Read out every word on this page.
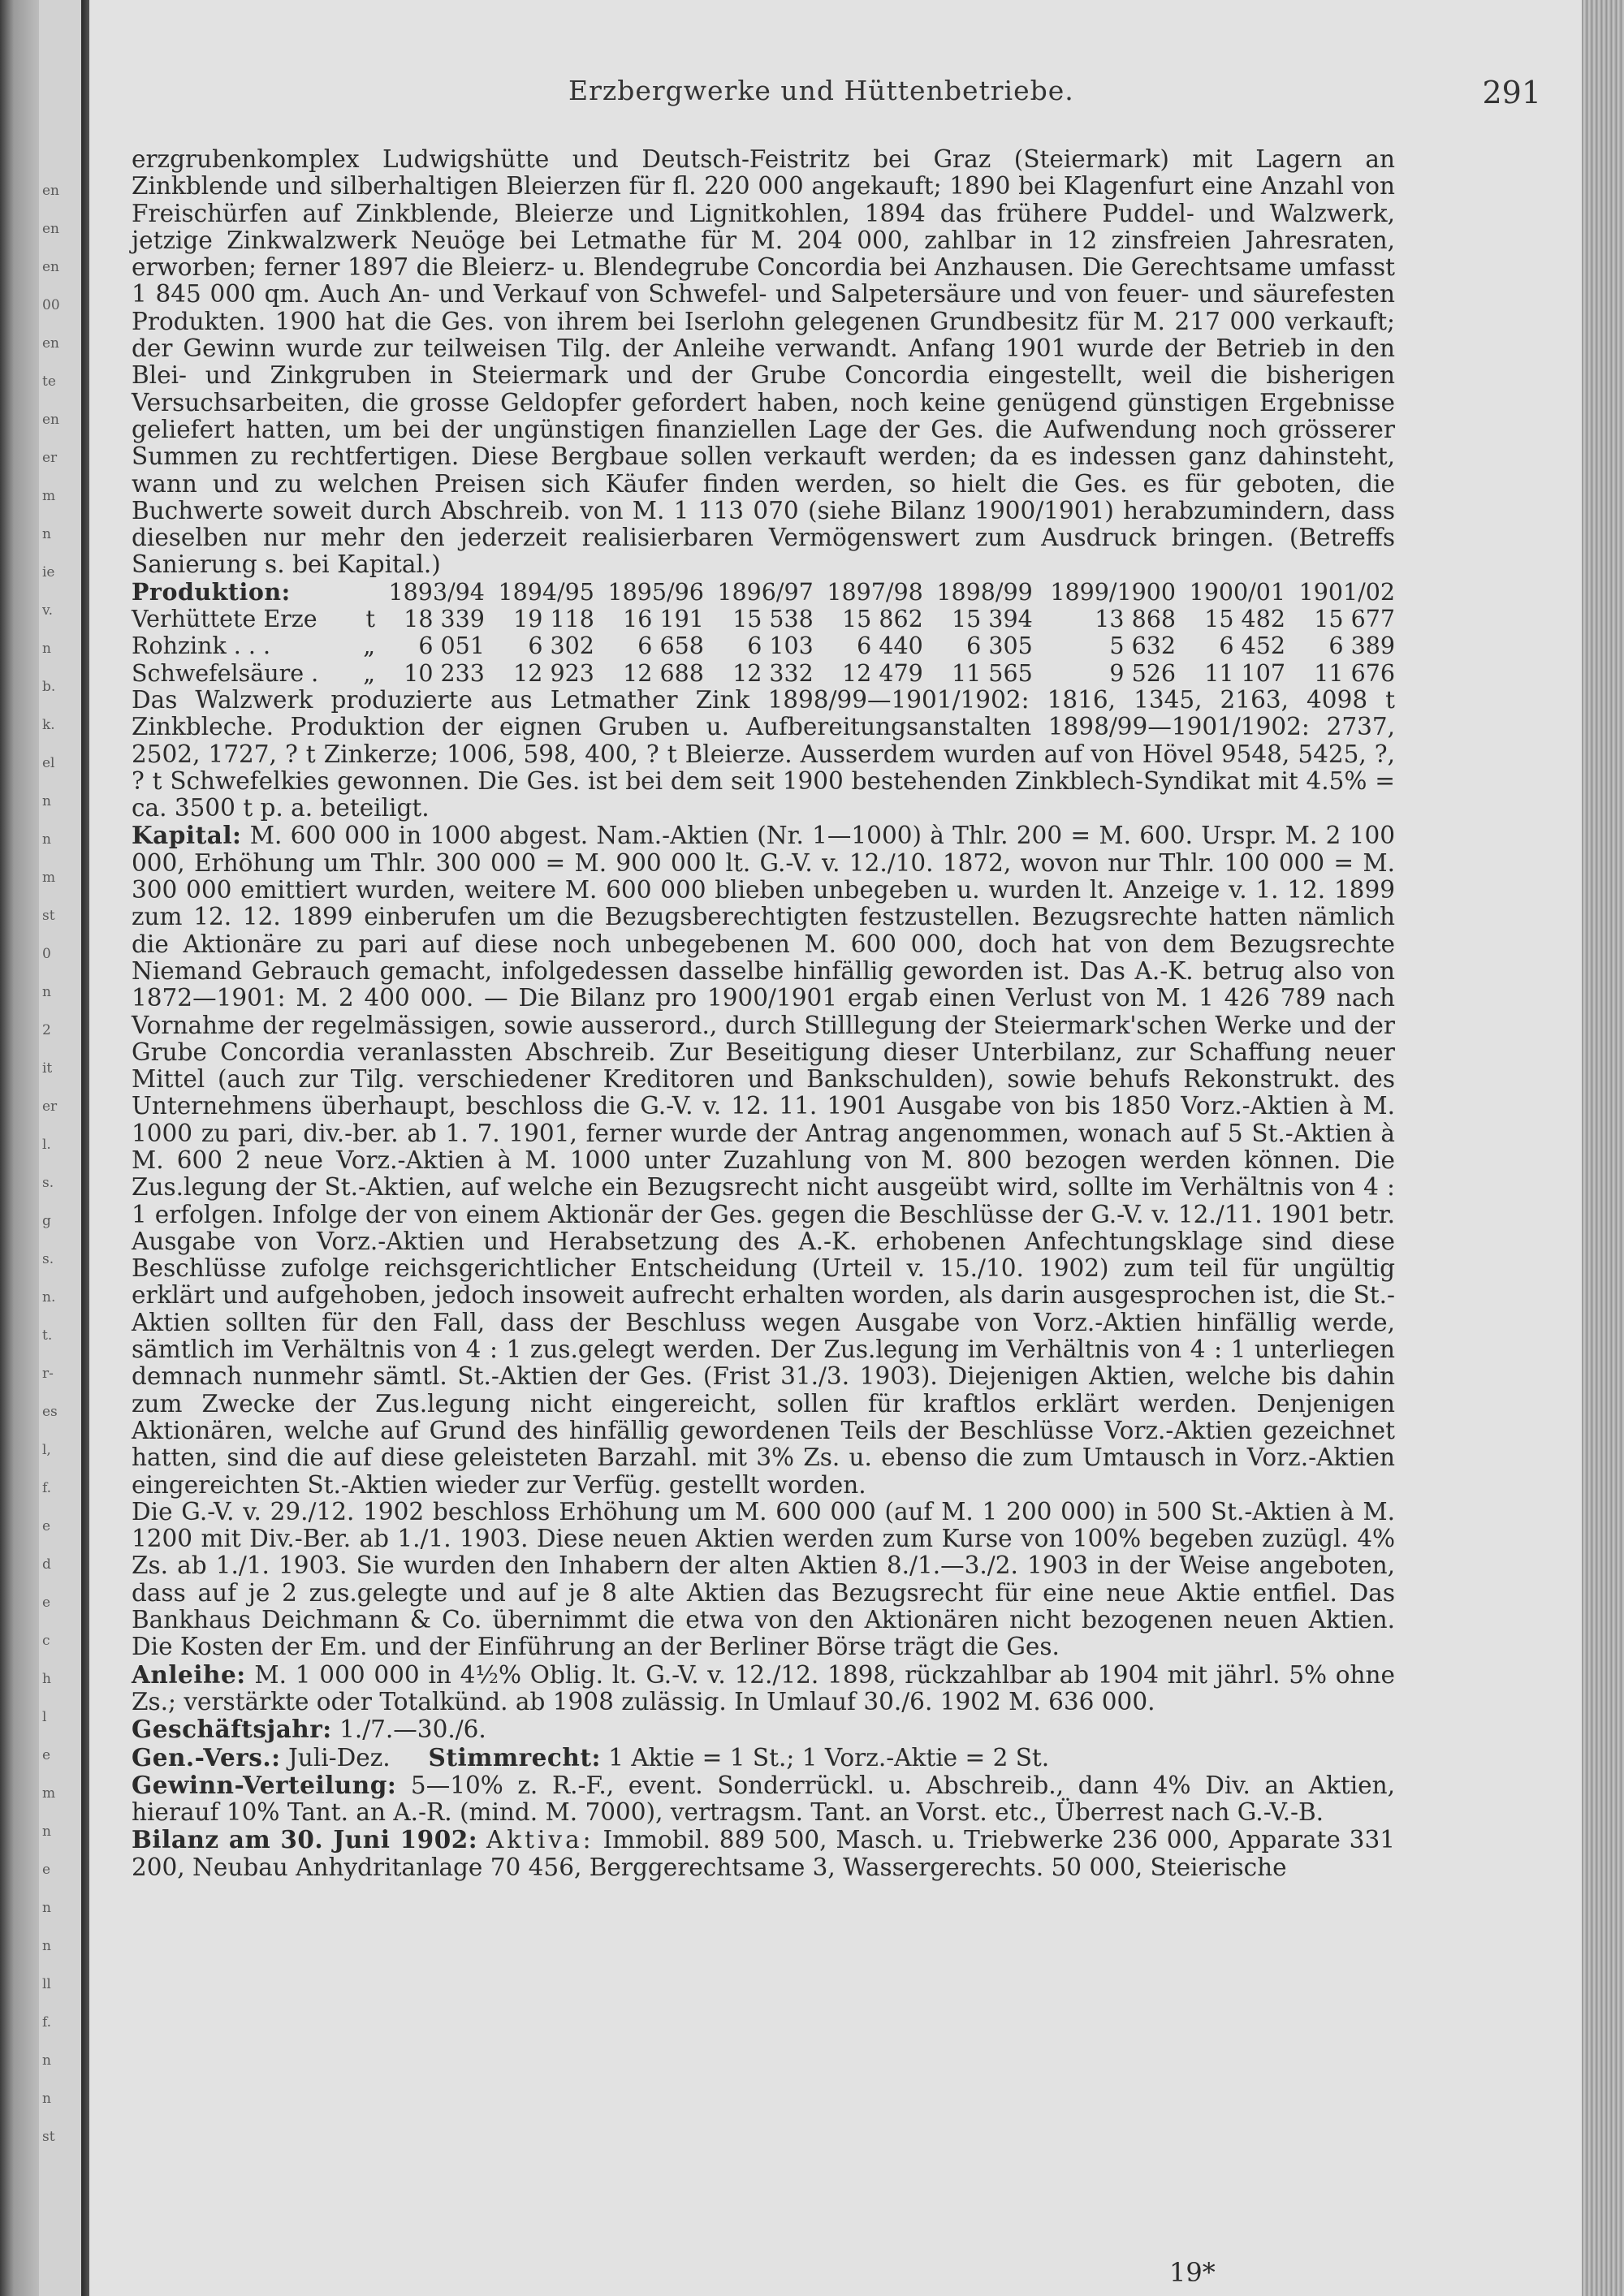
en
en
en
00
en
te
en
er
m
n
ie
v.
n
b.
k.
el
n
n
m
st
0
n
2
it
er
l.
s.
g
s.
n.
t.
r-
es
l,
f.
e
d
e
c
h
l
e
m
n
e
n
n
ll
f.
n
n
st
Erzbergwerke und Hüttenbetriebe.	291

erzgrubenkomplex Ludwigshütte und Deutsch-Feistritz bei Graz (Steiermark) mit Lagern an Zinkblende und silberhaltigen Bleierzen für fl. 220 000 angekauft; 1890 bei Klagenfurt eine Anzahl von Freischürfen auf Zinkblende, Bleierze und Lignitkohlen, 1894 das frühere Puddel- und Walzwerk, jetzige Zinkwalzwerk Neuöge bei Letmathe für M. 204 000, zahlbar in 12 zinsfreien Jahresraten, erworben; ferner 1897 die Bleierz- u. Blendegrube Concordia bei Anzhausen. Die Gerechtsame umfasst 1 845 000 qm. Auch An- und Verkauf von Schwefel- und Salpetersäure und von feuer- und säurefesten Produkten. 1900 hat die Ges. von ihrem bei Iserlohn gelegenen Grundbesitz für M. 217 000 verkauft; der Gewinn wurde zur teilweisen Tilg. der Anleihe verwandt. Anfang 1901 wurde der Betrieb in den Blei- und Zinkgruben in Steiermark und der Grube Concordia eingestellt, weil die bisherigen Versuchsarbeiten, die grosse Geldopfer gefordert haben, noch keine genügend günstigen Ergebnisse geliefert hatten, um bei der ungünstigen finanziellen Lage der Ges. die Aufwendung noch grösserer Summen zu rechtfertigen. Diese Bergbaue sollen verkauft werden; da es indessen ganz dahinsteht, wann und zu welchen Preisen sich Käufer finden werden, so hielt die Ges. es für geboten, die Buchwerte soweit durch Abschreib. von M. 1 113 070 (siehe Bilanz 1900/1901) herabzumindern, dass dieselben nur mehr den jederzeit realisierbaren Vermögenswert zum Ausdruck bringen. (Betreffs Sanierung s. bei Kapital.)

Produktion:		1893/94	1894/95	1895/96	1896/97	1897/98	1898/99	1899/1900	1900/01	1901/02
Verhüttete Erze	t	18 339	19 118	16 191	15 538	15 862	15 394	13 868	15 482	15 677
Rohzink . . .	„	6 051	6 302	6 658	6 103	6 440	6 305	5 632	6 452	6 389
Schwefelsäure .	„	10 233	12 923	12 688	12 332	12 479	11 565	9 526	11 107	11 676

Das Walzwerk produzierte aus Letmather Zink 1898/99—1901/1902: 1816, 1345, 2163, 4098 t Zinkbleche. Produktion der eignen Gruben u. Aufbereitungsanstalten 1898/99—1901/1902: 2737, 2502, 1727, ? t Zinkerze; 1006, 598, 400, ? t Bleierze. Ausserdem wurden auf von Hövel 9548, 5425, ?, ? t Schwefelkies gewonnen. Die Ges. ist bei dem seit 1900 bestehenden Zinkblech-Syndikat mit 4.5% = ca. 3500 t p. a. beteiligt.

Kapital: M. 600 000 in 1000 abgest. Nam.-Aktien (Nr. 1—1000) à Thlr. 200 = M. 600. Urspr. M. 2 100 000, Erhöhung um Thlr. 300 000 = M. 900 000 lt. G.-V. v. 12./10. 1872, wovon nur Thlr. 100 000 = M. 300 000 emittiert wurden, weitere M. 600 000 blieben unbegeben u. wurden lt. Anzeige v. 1. 12. 1899 zum 12. 12. 1899 einberufen um die Bezugsberechtigten festzustellen. Bezugsrechte hatten nämlich die Aktionäre zu pari auf diese noch unbegebenen M. 600 000, doch hat von dem Bezugsrechte Niemand Gebrauch gemacht, infolgedessen dasselbe hinfällig geworden ist. Das A.-K. betrug also von 1872—1901: M. 2 400 000. — Die Bilanz pro 1900/1901 ergab einen Verlust von M. 1 426 789 nach Vornahme der regelmässigen, sowie ausserord., durch Stilllegung der Steiermark'schen Werke und der Grube Concordia veranlassten Abschreib. Zur Beseitigung dieser Unterbilanz, zur Schaffung neuer Mittel (auch zur Tilg. verschiedener Kreditoren und Bankschulden), sowie behufs Rekonstrukt. des Unternehmens überhaupt, beschloss die G.-V. v. 12. 11. 1901 Ausgabe von bis 1850 Vorz.-Aktien à M. 1000 zu pari, div.-ber. ab 1. 7. 1901, ferner wurde der Antrag angenommen, wonach auf 5 St.-Aktien à M. 600 2 neue Vorz.-Aktien à M. 1000 unter Zuzahlung von M. 800 bezogen werden können. Die Zus.legung der St.-Aktien, auf welche ein Bezugsrecht nicht ausgeübt wird, sollte im Verhältnis von 4 : 1 erfolgen. Infolge der von einem Aktionär der Ges. gegen die Beschlüsse der G.-V. v. 12./11. 1901 betr. Ausgabe von Vorz.-Aktien und Herabsetzung des A.-K. erhobenen Anfechtungsklage sind diese Beschlüsse zufolge reichsgerichtlicher Entscheidung (Urteil v. 15./10. 1902) zum teil für ungültig erklärt und aufgehoben, jedoch insoweit aufrecht erhalten worden, als darin ausgesprochen ist, die St.-Aktien sollten für den Fall, dass der Beschluss wegen Ausgabe von Vorz.-Aktien hinfällig werde, sämtlich im Verhältnis von 4 : 1 zus.gelegt werden. Der Zus.legung im Verhältnis von 4 : 1 unterliegen demnach nunmehr sämtl. St.-Aktien der Ges. (Frist 31./3. 1903). Diejenigen Aktien, welche bis dahin zum Zwecke der Zus.legung nicht eingereicht, sollen für kraftlos erklärt werden. Denjenigen Aktionären, welche auf Grund des hinfällig gewordenen Teils der Beschlüsse Vorz.-Aktien gezeichnet hatten, sind die auf diese geleisteten Barzahl. mit 3% Zs. u. ebenso die zum Umtausch in Vorz.-Aktien eingereichten St.-Aktien wieder zur Verfüg. gestellt worden.

Die G.-V. v. 29./12. 1902 beschloss Erhöhung um M. 600 000 (auf M. 1 200 000) in 500 St.-Aktien à M. 1200 mit Div.-Ber. ab 1./1. 1903. Diese neuen Aktien werden zum Kurse von 100% begeben zuzügl. 4% Zs. ab 1./1. 1903. Sie wurden den Inhabern der alten Aktien 8./1.—3./2. 1903 in der Weise angeboten, dass auf je 2 zus.gelegte und auf je 8 alte Aktien das Bezugsrecht für eine neue Aktie entfiel. Das Bankhaus Deichmann & Co. übernimmt die etwa von den Aktionären nicht bezogenen neuen Aktien. Die Kosten der Em. und der Einführung an der Berliner Börse trägt die Ges.

Anleihe: M. 1 000 000 in 4½% Oblig. lt. G.-V. v. 12./12. 1898, rückzahlbar ab 1904 mit jährl. 5% ohne Zs.; verstärkte oder Totalkünd. ab 1908 zulässig. In Umlauf 30./6. 1902 M. 636 000.

Geschäftsjahr: 1./7.—30./6.

Gen.-Vers.: Juli-Dez. Stimmrecht: 1 Aktie = 1 St.; 1 Vorz.-Aktie = 2 St.

Gewinn-Verteilung: 5—10% z. R.-F., event. Sonderrückl. u. Abschreib., dann 4% Div. an Aktien, hierauf 10% Tant. an A.-R. (mind. M. 7000), vertragsm. Tant. an Vorst. etc., Überrest nach G.-V.-B.

Bilanz am 30. Juni 1902: Aktiva: Immobil. 889 500, Masch. u. Triebwerke 236 000, Apparate 331 200, Neubau Anhydritanlage 70 456, Berggerechtsame 3, Wassergerechts. 50 000, Steierische

19*
